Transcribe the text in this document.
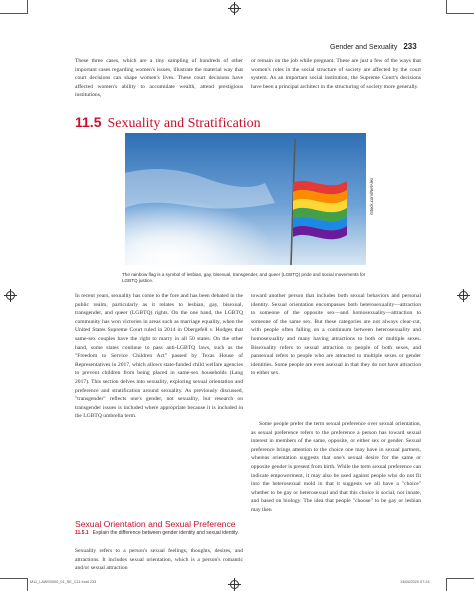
Gender and Sexuality 233
These three cases, which are a tiny sampling of hundreds of other important cases regarding women's issues, illustrate the material way that court decisions can shape women's lives. These court decisions have affected women's ability to accumulate wealth, attend prestigious institutions,
or remain on the job while pregnant. These are just a few of the ways that women's roles in the social structure of society are affected by the court system. As an important social institution, the Supreme Court's decisions have been a principal architect in the structuring of society more generally.
11.5 Sexuality and Stratification
iStock.com/NetAlex
The rainbow flag is a symbol of lesbian, gay, bisexual, transgender, and queer (LGBTQ) pride and social movements for LGBTQ justice.
In recent years, sexuality has come to the fore and has been debated in the public realm, particularly as it relates to lesbian, gay, bisexual, transgender, and queer (LGBTQ) rights. On the one hand, the LGBTQ community has won victories in areas such as marriage equality, when the United States Supreme Court ruled in 2014 in Obergefell v. Hodges that same-sex couples have the right to marry in all 50 states. On the other hand, some states continue to pass anti-LGBTQ laws, such as the "Freedom to Service Children Act" passed by Texas House of Representatives in 2017, which allows state-funded child welfare agencies to prevent children from being placed in same-sex households (Lang 2017). This section delves into sexuality, exploring sexual orientation and preference and stratification around sexuality. As previously discussed, "transgender" reflects one's gender, not sexuality, but research on transgender issues is included where appropriate because it is included in the LGBTQ umbrella term.
Sexual Orientation and Sexual Preference
11.5.1 Explain the difference between gender identity and sexual identity.
Sexuality refers to a person's sexual feelings, thoughts, desires, and attractions. It includes sexual orientation, which is a person's romantic and/or sexual attraction
toward another person that includes both sexual behaviors and personal identity. Sexual orientation encompasses both heterosexuality—attraction to someone of the opposite sex—and homosexuality—attraction to someone of the same sex. But these categories are not always clear-cut, with people often falling on a continuum between heterosexuality and homosexuality and many having attractions to both or multiple sexes. Bisexuality refers to sexual attraction to people of both sexes, and pansexual refers to people who are attracted to multiple sexes or gender identities. Some people are even asexual in that they do not have attraction to either sex.
Some people prefer the term sexual preference over sexual orientation, as sexual preference refers to the preference a person has toward sexual interest in members of the same, opposite, or either sex or gender. Sexual preference brings attention to the choice one may have in sexual partners, whereas orientation suggests that one's sexual desire for the same or opposite gender is present from birth. While the term sexual preference can indicate empowerment, it may also be used against people who do not fit into the heterosexual mold in that it suggests we all have a "choice" whether to be gay or heterosexual and that this choice is social, not innate, and based on biology. The idea that people "choose" to be gay or lesbian may then
M11_LAWS0000_01_SE_C11.indd 233	13/05/2020 07:24
